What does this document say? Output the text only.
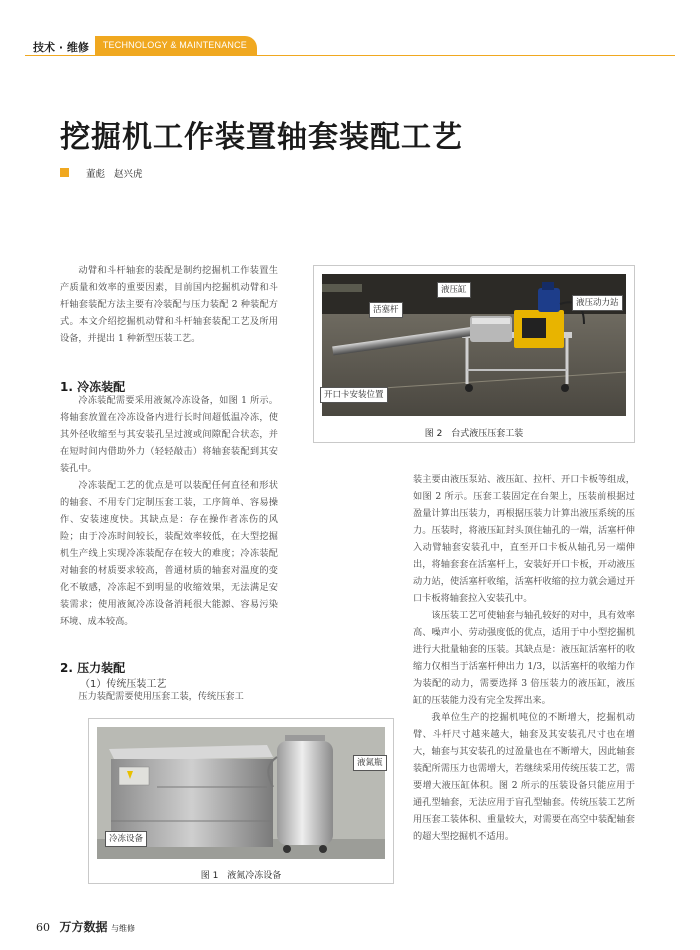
技术 · 维修	TECHNOLOGY & MAINTENANCE
挖掘机工作装置轴套装配工艺
董彪 赵兴虎

动臂和斗杆轴套的装配是制约挖掘机工作装置生产质量和效率的重要因素，目前国内挖掘机动臂和斗杆轴套装配方法主要有冷装配与压力装配 2 种装配方式。本文介绍挖掘机动臂和斗杆轴套装配工艺及所用设备，并提出 1 种新型压装工艺。

1. 冷冻装配

冷冻装配需要采用液氮冷冻设备，如图 1 所示。将轴套放置在冷冻设备内进行长时间超低温冷冻，使其外径收缩至与其安装孔呈过渡或间隙配合状态，并在短时间内借助外力（轻轻敲击）将轴套装配到其安装孔中。

冷冻装配工艺的优点是可以装配任何直径和形状的轴套、不用专门定制压套工装，工序简单、容易操作、安装速度快。其缺点是：存在操作者冻伤的风险；由于冷冻时间较长，装配效率较低，在大型挖掘机生产线上实现冷冻装配存在较大的难度；冷冻装配对轴套的材质要求较高，普通材质的轴套对温度的变化不敏感，冷冻起不到明显的收缩效果，无法满足安装需求；使用液氮冷冻设备消耗很大能源、容易污染环境、成本较高。

2. 压力装配
（1）传统压装工艺

压力装配需要使用压套工装，传统压套工

液压缸
活塞杆
液压动力站
开口卡安装位置
图 2　台式液压压套工装

装主要由液压泵站、液压缸、拉杆、开口卡板等组成，如图 2 所示。压套工装固定在台架上，压装前根据过盈量计算出压装力，再根据压装力计算出液压系统的压力。压装时，将液压缸封头顶住轴孔的一端，活塞杆伸入动臂轴套安装孔中，直至开口卡板从轴孔另一端伸出，将轴套套在活塞杆上，安装好开口卡板，开动液压动力站，使活塞杆收缩，活塞杆收缩的拉力就会通过开口卡板将轴套拉入安装孔中。

该压装工艺可使轴套与轴孔较好的对中，具有效率高、噪声小、劳动强度低的优点，适用于中小型挖掘机进行大批量轴套的压装。其缺点是：液压缸活塞杆的收缩力仅相当于活塞杆伸出力 1/3，以活塞杆的收缩力作为装配的动力，需要选择 3 倍压装力的液压缸，液压缸的压装能力没有完全发挥出来。

我单位生产的挖掘机吨位的不断增大，挖掘机动臂、斗杆尺寸越来越大，轴套及其安装孔尺寸也在增大，轴套与其安装孔的过盈量也在不断增大，因此轴套装配所需压力也需增大，若继续采用传统压装工艺，需要增大液压缸体积。图 2 所示的压装设备只能应用于通孔型轴套，无法应用于盲孔型轴套。传统压装工艺所用压套工装体积、重量较大，对需要在高空中装配轴套的超大型挖掘机不适用。

液氮瓶
冷冻设备
图 1　液氮冷冻设备
60 万方数据 与维修
